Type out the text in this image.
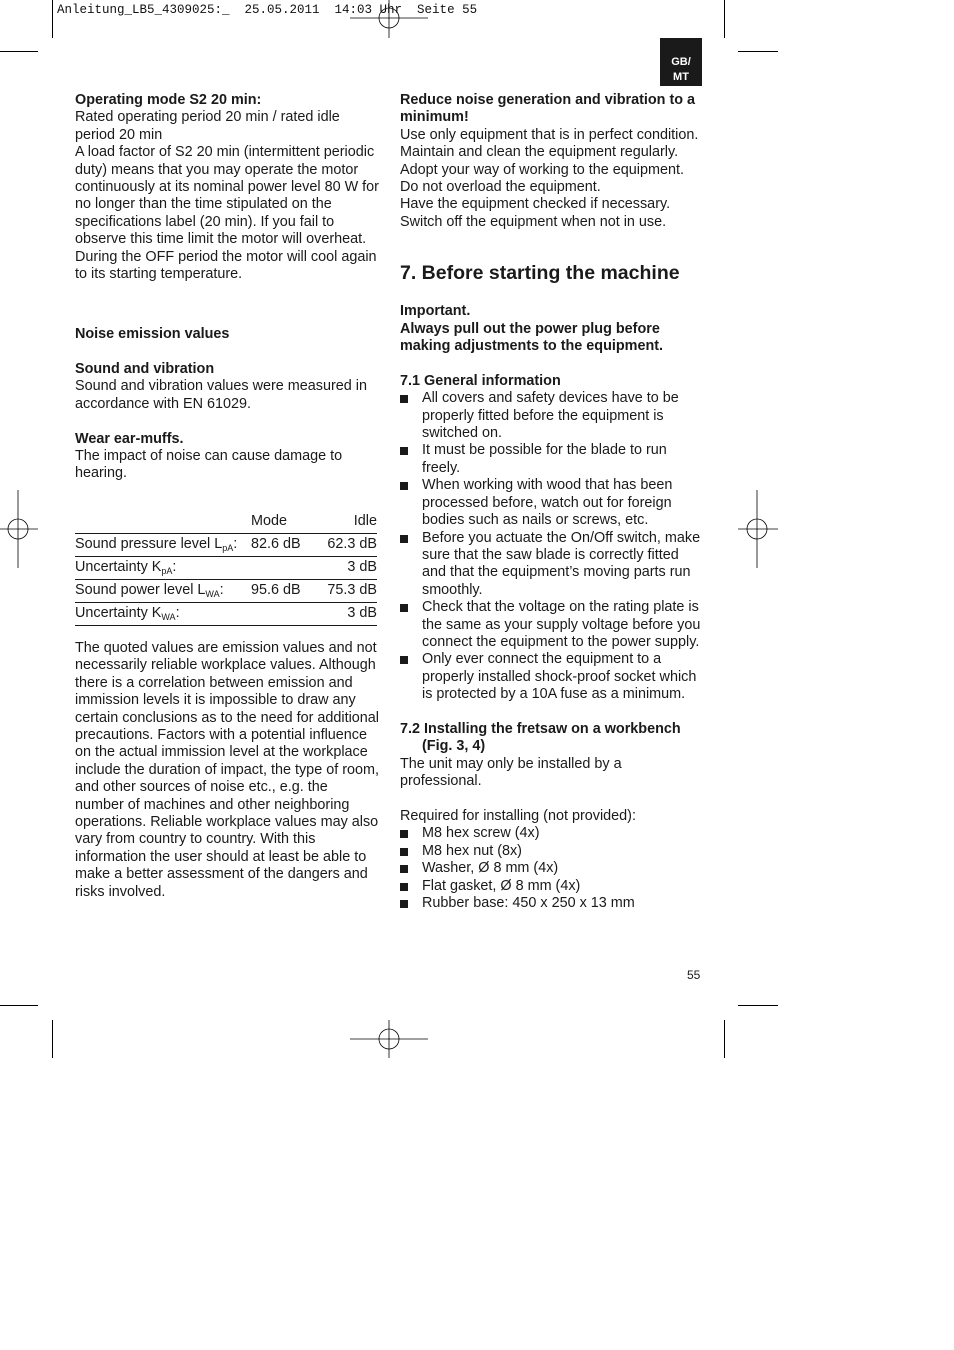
Anleitung_LB5_4309025:_  25.05.2011  14:03 Uhr  Seite 55
GB/
MT

Operating mode S2 20 min:

Rated operating period 20 min / rated idle period 20 min

A load factor of S2 20 min (intermittent periodic duty) means that you may operate the motor continuously at its nominal power level 80 W for no longer than the time stipulated on the specifications label (20 min). If you fail to observe this time limit the motor will overheat. During the OFF period the motor will cool again to its starting temperature.

Noise emission values

Sound and vibration

Sound and vibration values were measured in accordance with EN 61029.

Wear ear-muffs.

The impact of noise can cause damage to hearing.

	Mode	Idle
Sound pressure level $L_{pA}$:	82.6 dB	62.3 dB
Uncertainty $K_{pA}$:		3 dB
Sound power level $L_{WA}$:	95.6 dB	75.3 dB
Uncertainty $K_{WA}$:		3 dB

The quoted values are emission values and not necessarily reliable workplace values. Although there is a correlation between emission and immission levels it is impossible to draw any certain conclusions as to the need for additional precautions. Factors with a potential influence on the actual immission level at the workplace include the duration of impact, the type of room, and other sources of noise etc., e.g. the number of machines and other neighboring operations. Reliable workplace values may also vary from country to country. With this information the user should at least be able to make a better assessment of the dangers and risks involved.

Reduce noise generation and vibration to a minimum!

Use only equipment that is in perfect condition.

Maintain and clean the equipment regularly.

Adopt your way of working to the equipment.

Do not overload the equipment.

Have the equipment checked if necessary.

Switch off the equipment when not in use.

7. Before starting the machine

Important.

Always pull out the power plug before making adjustments to the equipment.

7.1 General information

All covers and safety devices have to be properly fitted before the equipment is switched on.
It must be possible for the blade to run freely.
When working with wood that has been processed before, watch out for foreign bodies such as nails or screws, etc.
Before you actuate the On/Off switch, make sure that the saw blade is correctly fitted and that the equipment’s moving parts run smoothly.
Check that the voltage on the rating plate is the same as your supply voltage before you connect the equipment to the power supply.
Only ever connect the equipment to a properly installed shock-proof socket which is protected by a 10A fuse as a minimum.

7.2 Installing the fretsaw on a workbench

(Fig. 3, 4)

The unit may only be installed by a professional.

Required for installing (not provided):

M8 hex screw (4x)
M8 hex nut (8x)
Washer, Ø 8 mm (4x)
Flat gasket, Ø 8 mm (4x)
Rubber base: 450 x 250 x 13 mm
55
